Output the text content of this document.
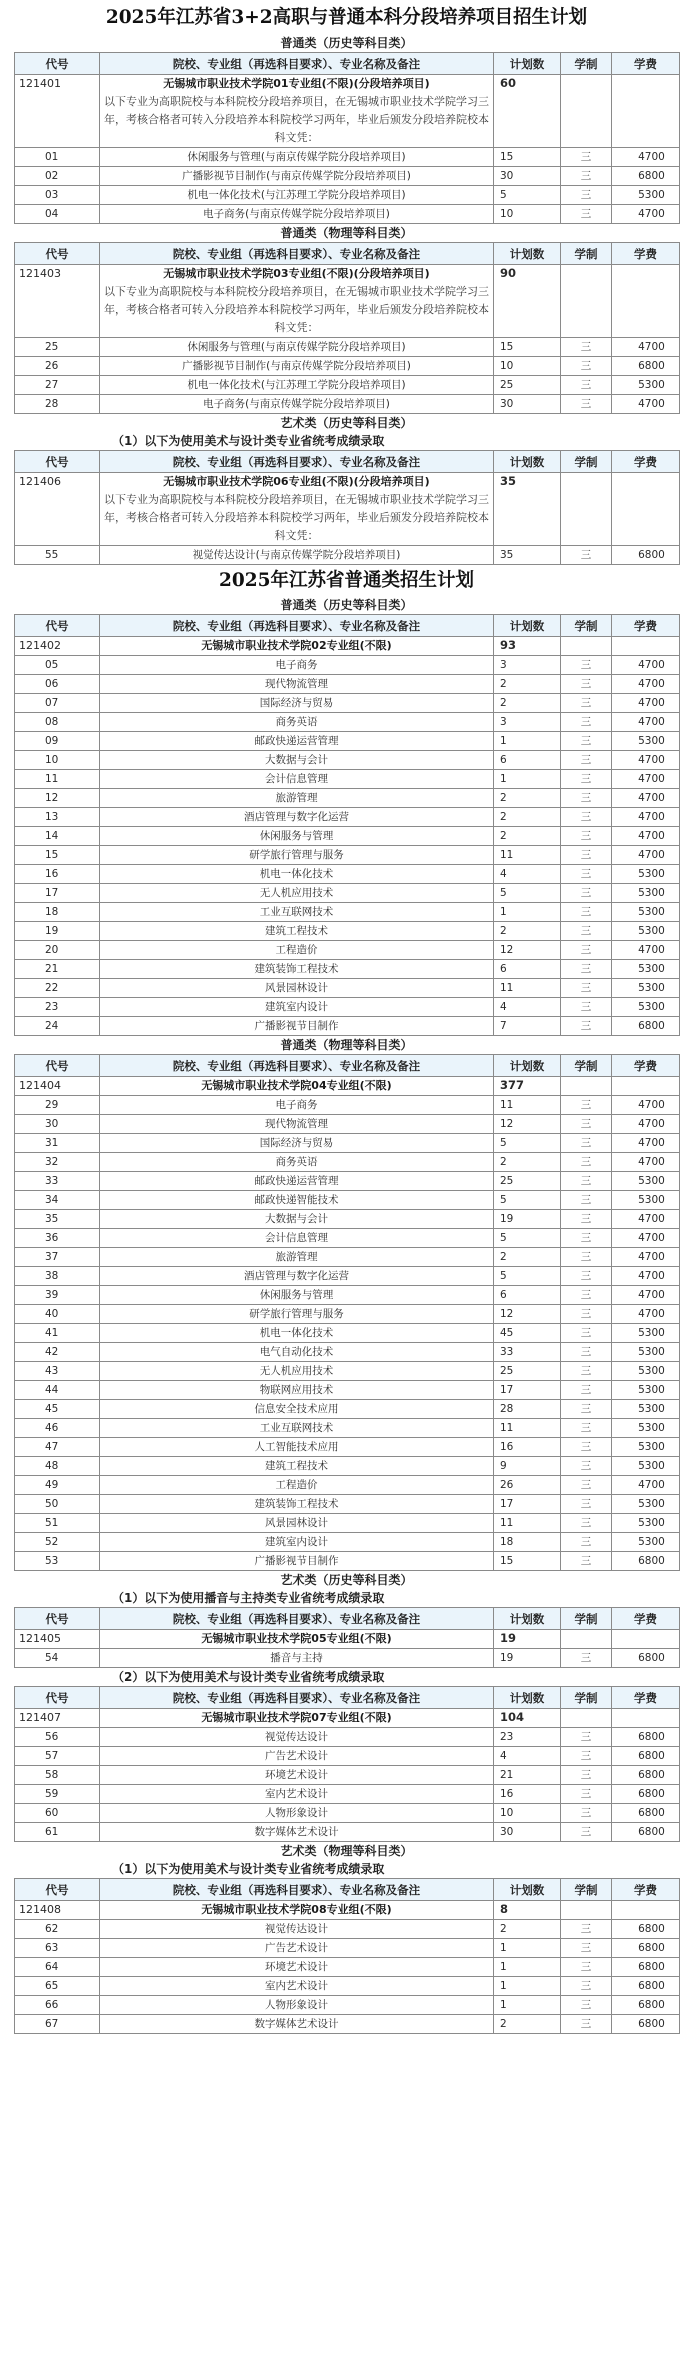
2025年江苏省3+2高职与普通本科分段培养项目招生计划
普通类（历史等科目类）
代号	院校、专业组（再选科目要求）、专业名称及备注	计划数	学制	学费
121401	无锡城市职业技术学院01专业组(不限)(分段培养项目)
以下专业为高职院校与本科院校分段培养项目，在无锡城市职业技术学院学习三年，考核合格者可转入分段培养本科院校学习两年，毕业后颁发分段培养院校本科文凭：	60		
01	休闲服务与管理(与南京传媒学院分段培养项目)	15	三	4700
02	广播影视节目制作(与南京传媒学院分段培养项目)	30	三	6800
03	机电一体化技术(与江苏理工学院分段培养项目)	5	三	5300
04	电子商务(与南京传媒学院分段培养项目)	10	三	4700
普通类（物理等科目类）
代号	院校、专业组（再选科目要求）、专业名称及备注	计划数	学制	学费
121403	无锡城市职业技术学院03专业组(不限)(分段培养项目)
以下专业为高职院校与本科院校分段培养项目，在无锡城市职业技术学院学习三年，考核合格者可转入分段培养本科院校学习两年，毕业后颁发分段培养院校本科文凭：	90		
25	休闲服务与管理(与南京传媒学院分段培养项目)	15	三	4700
26	广播影视节目制作(与南京传媒学院分段培养项目)	10	三	6800
27	机电一体化技术(与江苏理工学院分段培养项目)	25	三	5300
28	电子商务(与南京传媒学院分段培养项目)	30	三	4700
艺术类（历史等科目类）
（1）以下为使用美术与设计类专业省统考成绩录取
代号	院校、专业组（再选科目要求）、专业名称及备注	计划数	学制	学费
121406	无锡城市职业技术学院06专业组(不限)(分段培养项目)
以下专业为高职院校与本科院校分段培养项目，在无锡城市职业技术学院学习三年，考核合格者可转入分段培养本科院校学习两年，毕业后颁发分段培养院校本科文凭：	35		
55	视觉传达设计(与南京传媒学院分段培养项目)	35	三	6800
2025年江苏省普通类招生计划
普通类（历史等科目类）
代号	院校、专业组（再选科目要求）、专业名称及备注	计划数	学制	学费
121402	无锡城市职业技术学院02专业组(不限)	93		
05	电子商务	3	三	4700
06	现代物流管理	2	三	4700
07	国际经济与贸易	2	三	4700
08	商务英语	3	三	4700
09	邮政快递运营管理	1	三	5300
10	大数据与会计	6	三	4700
11	会计信息管理	1	三	4700
12	旅游管理	2	三	4700
13	酒店管理与数字化运营	2	三	4700
14	休闲服务与管理	2	三	4700
15	研学旅行管理与服务	11	三	4700
16	机电一体化技术	4	三	5300
17	无人机应用技术	5	三	5300
18	工业互联网技术	1	三	5300
19	建筑工程技术	2	三	5300
20	工程造价	12	三	4700
21	建筑装饰工程技术	6	三	5300
22	风景园林设计	11	三	5300
23	建筑室内设计	4	三	5300
24	广播影视节目制作	7	三	6800
普通类（物理等科目类）
代号	院校、专业组（再选科目要求）、专业名称及备注	计划数	学制	学费
121404	无锡城市职业技术学院04专业组(不限)	377		
29	电子商务	11	三	4700
30	现代物流管理	12	三	4700
31	国际经济与贸易	5	三	4700
32	商务英语	2	三	4700
33	邮政快递运营管理	25	三	5300
34	邮政快递智能技术	5	三	5300
35	大数据与会计	19	三	4700
36	会计信息管理	5	三	4700
37	旅游管理	2	三	4700
38	酒店管理与数字化运营	5	三	4700
39	休闲服务与管理	6	三	4700
40	研学旅行管理与服务	12	三	4700
41	机电一体化技术	45	三	5300
42	电气自动化技术	33	三	5300
43	无人机应用技术	25	三	5300
44	物联网应用技术	17	三	5300
45	信息安全技术应用	28	三	5300
46	工业互联网技术	11	三	5300
47	人工智能技术应用	16	三	5300
48	建筑工程技术	9	三	5300
49	工程造价	26	三	4700
50	建筑装饰工程技术	17	三	5300
51	风景园林设计	11	三	5300
52	建筑室内设计	18	三	5300
53	广播影视节目制作	15	三	6800
艺术类（历史等科目类）
（1）以下为使用播音与主持类专业省统考成绩录取
代号	院校、专业组（再选科目要求）、专业名称及备注	计划数	学制	学费
121405	无锡城市职业技术学院05专业组(不限)	19		
54	播音与主持	19	三	6800
（2）以下为使用美术与设计类专业省统考成绩录取
代号	院校、专业组（再选科目要求）、专业名称及备注	计划数	学制	学费
121407	无锡城市职业技术学院07专业组(不限)	104		
56	视觉传达设计	23	三	6800
57	广告艺术设计	4	三	6800
58	环境艺术设计	21	三	6800
59	室内艺术设计	16	三	6800
60	人物形象设计	10	三	6800
61	数字媒体艺术设计	30	三	6800
艺术类（物理等科目类）
（1）以下为使用美术与设计类专业省统考成绩录取
代号	院校、专业组（再选科目要求）、专业名称及备注	计划数	学制	学费
121408	无锡城市职业技术学院08专业组(不限)	8		
62	视觉传达设计	2	三	6800
63	广告艺术设计	1	三	6800
64	环境艺术设计	1	三	6800
65	室内艺术设计	1	三	6800
66	人物形象设计	1	三	6800
67	数字媒体艺术设计	2	三	6800
